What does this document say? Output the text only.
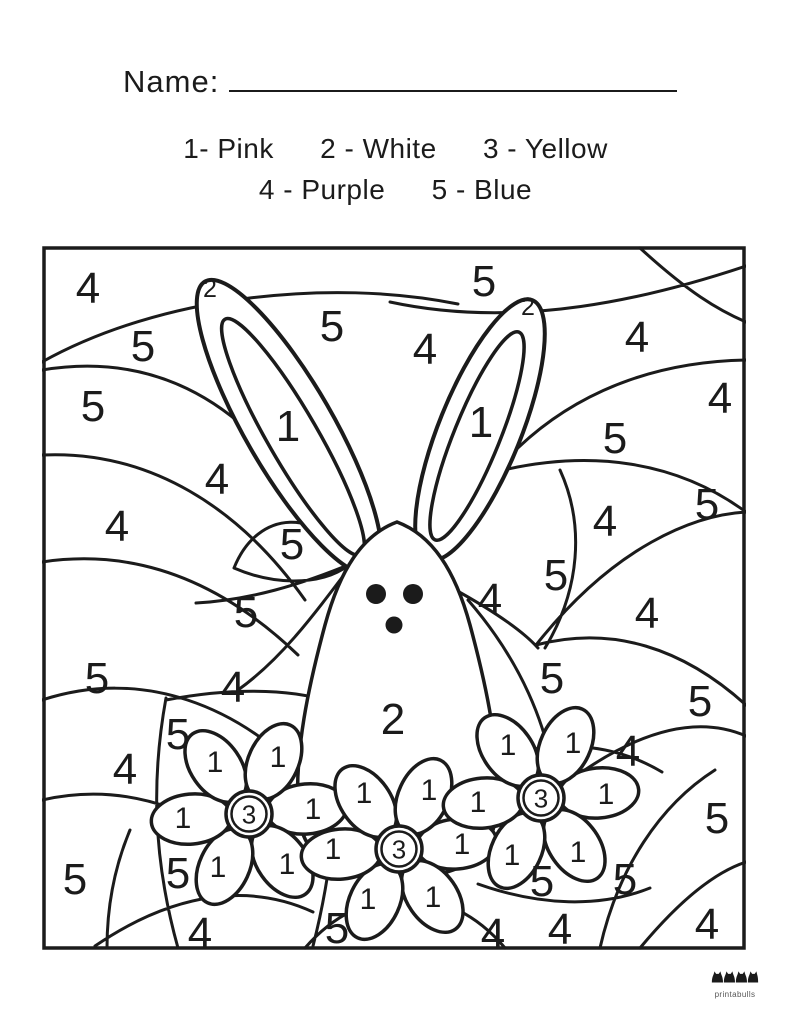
Name:
1- Pink 2 - White 3 - Yellow
4 - Purple 5 - Blue
3
3
3
4	2
5
5
2
4	4
5
5	4
1	1 5
4
5
4
4	5
5
4
5	4
5	5
4	5
2
5	4
4
5
5 5	5
5
4
4	5	4 4
1 1
1	1
1 1
1 1
1	1
1 1
1 1
1	1
1 1
printabulls
